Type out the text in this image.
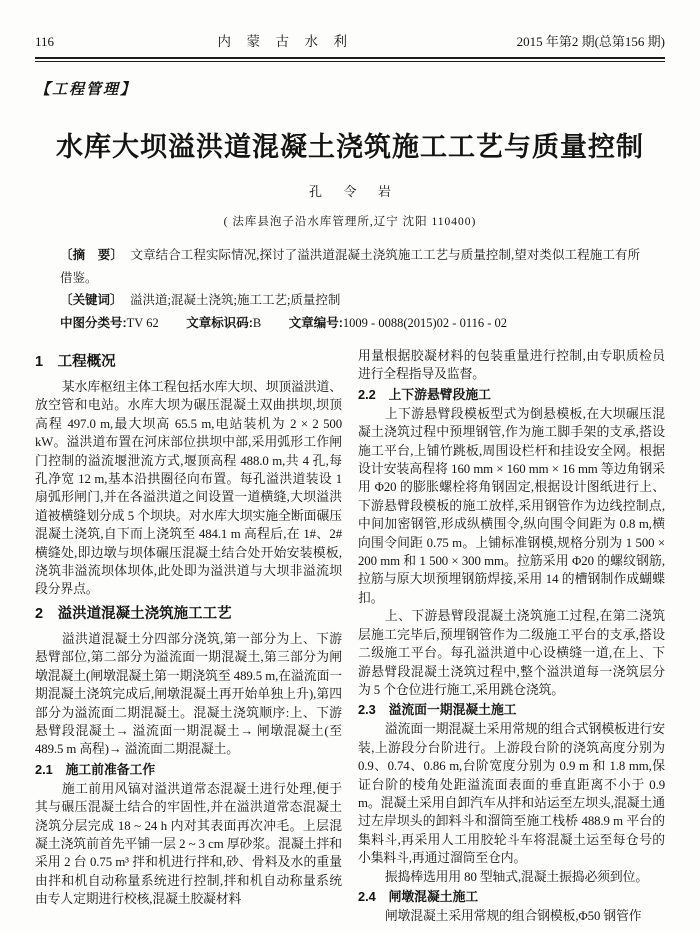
116	内 蒙 古 水 利	2015 年第2 期(总第156 期)
【工程管理】
水库大坝溢洪道混凝土浇筑施工工艺与质量控制
孔 令 岩
( 法库县泡子沿水库管理所,辽宁 沈阳 110400)

〔摘　要〕 文章结合工程实际情况,探讨了溢洪道混凝土浇筑施工工艺与质量控制,望对类似工程施工有所借鉴。

〔关键词〕 溢洪道;混凝土浇筑;施工工艺;质量控制

中图分类号:TV 62 文章标识码:B 文章编号:1009 - 0088(2015)02 - 0116 - 02

1　工程概况

某水库枢纽主体工程包括水库大坝、坝顶溢洪道、放空管和电站。水库大坝为碾压混凝土双曲拱坝,坝顶高程 497.0 m,最大坝高 65.5 m,电站装机为 2 × 2 500 kW。溢洪道布置在河床部位拱坝中部,采用弧形工作闸门控制的溢流堰泄流方式,堰顶高程 488.0 m,共 4 孔,每孔净宽 12 m,基本沿拱圈径向布置。每孔溢洪道装设 1 扇弧形闸门,并在各溢洪道之间设置一道横缝,大坝溢洪道被横缝划分成 5 个坝块。对水库大坝实施全断面碾压混凝土浇筑,自下而上浇筑至 484.1 m 高程后,在 1#、2#横缝处,即边墩与坝体碾压混凝土结合处开始安装模板,浇筑非溢流坝体坝体,此处即为溢洪道与大坝非溢流坝段分界点。

2　溢洪道混凝土浇筑施工工艺

溢洪道混凝土分四部分浇筑,第一部分为上、下游悬臂部位,第二部分为溢流面一期混凝土,第三部分为闸墩混凝土(闸墩混凝土第一期浇筑至 489.5 m,在溢流面一期混凝土浇筑完成后,闸墩混凝土再开始单独上升),第四部分为溢流面二期混凝土。混凝土浇筑顺序:上、下游悬臂段混凝土→ 溢流面一期混凝土→ 闸墩混凝土(至 489.5 m 高程)→ 溢流面二期混凝土。

2.1　施工前准备工作

施工前用风镐对溢洪道常态混凝土进行处理,便于其与碾压混凝土结合的牢固性,并在溢洪道常态混凝土浇筑分层完成 18 ~ 24 h 内对其表面再次冲毛。上层混凝土浇筑前首先平铺一层 2 ~ 3 cm 厚砂浆。混凝土拌和采用 2 台 0.75 m³ 拌和机进行拌和,砂、骨料及水的重量由拌和机自动称量系统进行控制,拌和机自动称量系统由专人定期进行校核,混凝土胶凝材料

用量根据胶凝材料的包装重量进行控制,由专职质检员进行全程指导及监督。

2.2　上下游悬臂段施工

上下游悬臂段模板型式为倒悬模板,在大坝碾压混凝土浇筑过程中预埋钢管,作为施工脚手架的支承,搭设施工平台,上铺竹跳板,周围设栏杆和挂设安全网。根据设计安装高程将 160 mm × 160 mm × 16 mm 等边角钢采用 Φ20 的膨胀螺栓将角钢固定,根据设计图纸进行上、下游悬臂段模板的施工放样,采用钢管作为边线控制点,中间加密钢管,形成纵横围令,纵向围令间距为 0.8 m,横向围令间距 0.75 m。上铺标准钢模,规格分别为 1 500 × 200 mm 和 1 500 × 300 mm。拉筋采用 Φ20 的螺纹钢筋,拉筋与原大坝预埋钢筋焊接,采用 14 的槽钢制作成蝴蝶扣。

上、下游悬臂段混凝土浇筑施工过程,在第二浇筑层施工完毕后,预埋钢管作为二级施工平台的支承,搭设二级施工平台。每孔溢洪道中心设横缝一道,在上、下游悬臂段混凝土浇筑过程中,整个溢洪道每一浇筑层分为 5 个仓位进行施工,采用跳仓浇筑。

2.3　溢流面一期混凝土施工

溢流面一期混凝土采用常规的组合式钢模板进行安装,上游段分台阶进行。上游段台阶的浇筑高度分别为 0.9、0.74、0.86 m,台阶宽度分别为 0.9 m 和 1.8 mm,保证台阶的棱角处距溢流面表面的垂直距离不小于 0.9 m。混凝土采用自卸汽车从拌和站运至左坝头,混凝土通过左岸坝头的卸料斗和溜筒至施工栈桥 488.9 m 平台的集料斗,再采用人工用胶轮斗车将混凝土运至每仓号的小集料斗,再通过溜筒至仓内。

振捣棒选用用 80 型轴式,混凝土振捣必须到位。

2.4　闸墩混凝土施工

闸墩混凝土采用常规的组合钢模板,Φ50 钢管作
